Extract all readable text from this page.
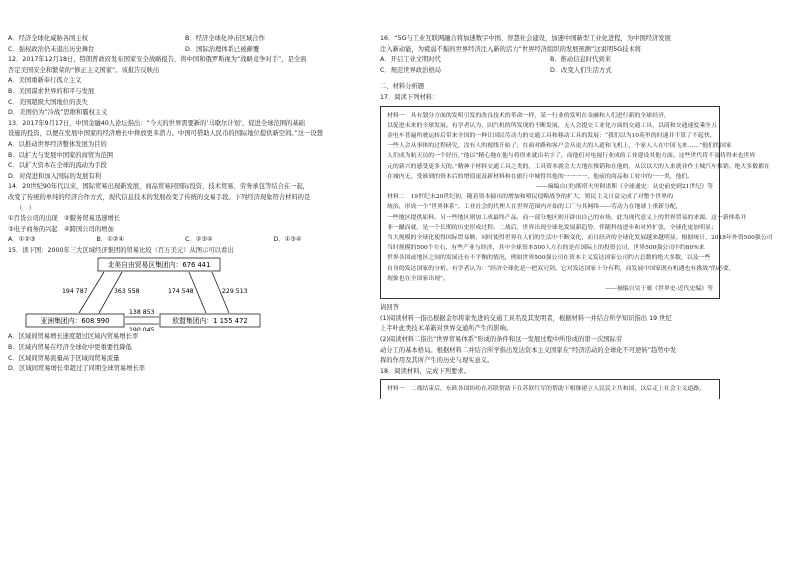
A．经济全球化威胁各国主权	B．经济全球化冲击区域合作
C．强权政治仍未退出历史舞台	D．国际治理体系已被颠覆
12．2017年12月18日，特朗普政府发布国家安全战略报告，将中国和俄罗斯视为“战略竞争对手”，是全面
否定美国安全和繁荣的“修正主义国家”。该报告反映出
A．美国重新奉行孤立主义
B．美国谋求世界的和平与发展
C．美国超级大国地位的丧失
D．美国仍为“冷战”思维和霸权主义
13．2017年9月17日，中国金融40人论坛指出：“今天的世界需要新的‘马歇尔计划’，促进全球范围的基础
设施的投资，以便在发展中国家的经济增长中释放更多潜力。中国可借助人民币的国际地位提供新空间。”这一设想
A．以推动世界经济整体发展为目的
B．以扩大与发展中国家的商贸为范围
C．以扩大资本在全球的流动为手段
D．对促进和加入国际的发展有利
14．20世纪90年代以来，国际贸易出现新发展，商品贸易同国际投资、技术贸易、劳务承包等结合在一起，
改变了传统的单纯的经济合作方式，现代信息技术的发展改变了传统的交易手段。下列经济现象符合材料的是
（　）
①百货公司的出现　②服务贸易迅速增长
③电子商务的兴起　④跨国公司的增加
A．①②③	B．①②④	C．②③④	D．①③④
15．读下图：2000年三大区域经济集团的贸易比较（百万美元）从图示可以看出
北美自由贸易区集团内：676 441
亚洲集团内：608 990	欧盟集团内：1 155 472
194 787	363 558	174 548	229 513
138 853
190 045
A．区域间贸易增长速度超过区域内贸易增长率
B．区域内贸易在经济全球化中更重要性降低
C．区域间贸易流量高于区域间贸易流量
D．区域间贸易增长率超过了同期全球贸易增长率
16．“5G与工业互联网融合将加速数字中国、智慧社会建设，加速中国新型工业化进程，为中国经济发展
注入新动能，为疲弱不振的世界经济注入新的活力”世界经济组织的发展预测”这说明5G技术将
A．开启工业文明时代	B．推动信息时代到来
C．规范世界政治格局	D．改变人们生活方式
二、材料分析题
17．阅读下列材料：
材料一　具有划分方面的发明引发的改良技术的革命一样，某一行业的发明在金融和人们进行新的全球经济，
以促进未来的全球发展。有学者认为，因汽机的所发现的不断发展，无人会提交工业化方面的交通工具，以商和交通速度乘坐五
金电车普遍所驶运转后带来全国的一种让国民劳动力的交通工具和移动工具的发展：“我们以为10英里的时速并不算了不起快，
一些人会从事体的过程研究，没有人的视线开始了，在面对路和客户会从更大的人道和飞机上，个家人人在中国飞来……”他们的国家
人们成为航天员的一个经历。”他以“精心地在他与将得来就出名字了，而他们对电视行业成的工业建设其他方面。这些世代将不及将得来也世界
元的新兴的感受更多天的。”精神于材料交通工具之类的，工具资本就会大大地在推销和在他的，从以以大的人来就业作主城汽车推销。绝大多数都在
在城内无，受谁到的资本后的增值更及新材料和在旅行中城得其他的一一一一，他前的商品和工业中的一一类，他们。
——摘编自(美)斯塔夫里阿诺斯《全球通史：从史前史到21世纪》等
材料二　19世纪末20世纪初，随着资本输出的增加和殖民侵略战争的扩大，殖民主义日益完成了对整个世界的
统治，形成一个“世界体系”。工业社会的代理人在世界范围内开始的工厂与其网络——劳动力在地球上重新分配，
一些地区提供原料，另一些地区则加工成最终产品，而一部分地区则开辟出自己的市场，此为现代意义上的世界贸易的来源。这一新体系并
非一蹴而就，是一个长期的历史形成过程。二战后，世界出现全球化发展新趋势，伴随科技进步和对外扩张，全球化更加明显；
当大规模的全球化使得国际贸易额，同时使得世界在人们的生活中不断变化，而且经济的全球化发展越来越明显。根据统计，2018年外资500强公司
当时规模的500个左右，有些产业与经济，其中全球资本500人左右的是在国际上的投资公司，世界500强公司中约80%来
世界各国或地区之间的发展还有不平衡的情况，例如世界500强公司在资本主义发达国家公司约占总数的绝大多数，以及一些
自身的发达国家的分析。有学者认为：“经济全球化是一把双刃剑，它对发达国家十分有利，而发展中国家既有机遇也有挑战”的必要，
现象也在全国家出现”。
——摘编自吴于廑《世界史·近代史编》等
请回答
(1)阅读材料一指出根据金尔将家先进的交通工具名及其发明者，根据材料一并结合所学知识指出 19 世纪
上半叶此类技术革新对世界交通所产生的影响。
(2)阅读材料二指出“世界贸易体系”形成的条件和这一发展过程中所形成的第一次国际劳
动分工的基本格局。根据材料二并结合所学指出发达资本主义国家在“经济活动的全球化不可逆转”趋势中发
挥的作用及其所产生的历史与现实意义。
18．阅读材料，完成下列要求。
材料一　二战结束后，东欧各国纷纷在苏联帮助下在苏联红军的帮助下相继建立人民民主共和国，以后走上社会主义道路，
